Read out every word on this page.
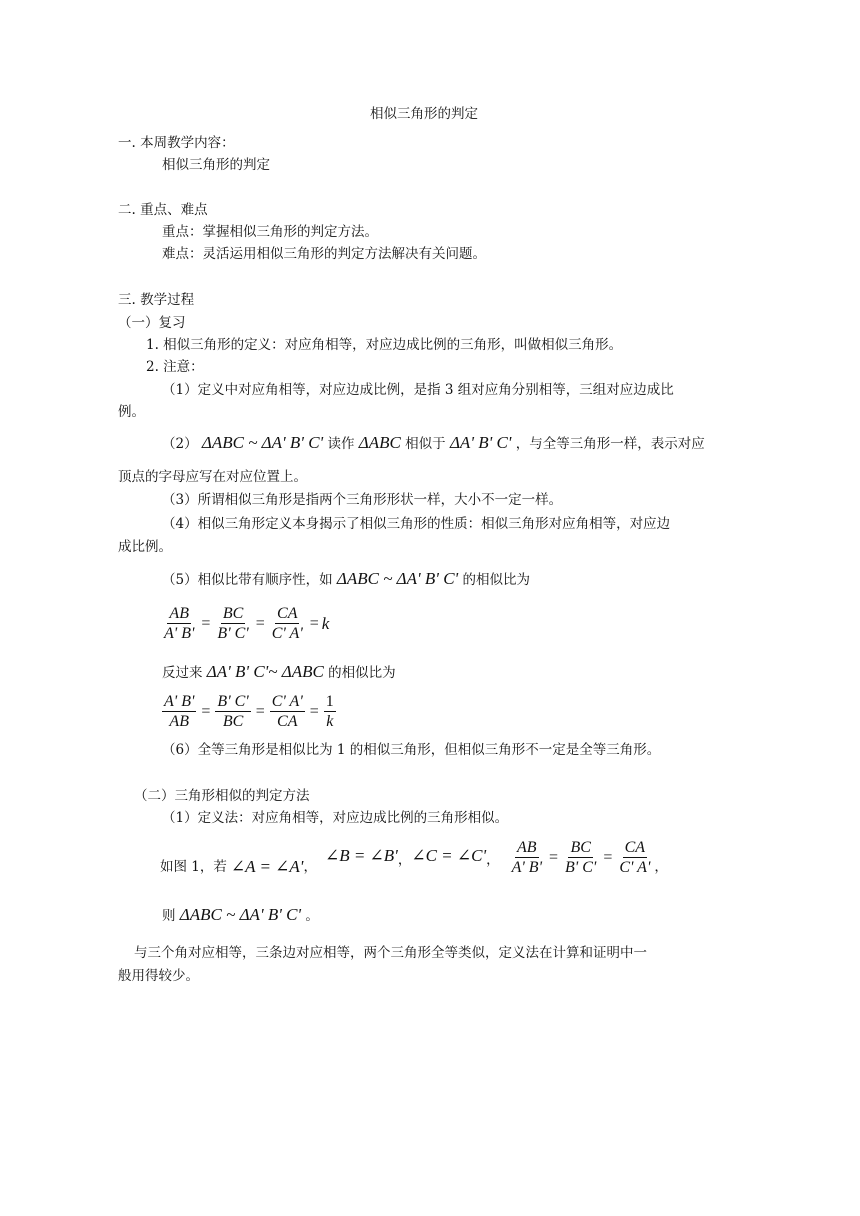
相似三角形的判定
一. 本周教学内容：
相似三角形的判定
二. 重点、难点
重点：掌握相似三角形的判定方法。
难点：灵活运用相似三角形的判定方法解决有关问题。
三. 教学过程
（一）复习
1. 相似三角形的定义：对应角相等，对应边成比例的三角形，叫做相似三角形。
2. 注意：
（1）定义中对应角相等，对应边成比例，是指 3 组对应角分别相等，三组对应边成比
例。
（2） ΔABC ~ ΔA' B' C' 读作 ΔABC 相似于 ΔA' B' C' ，与全等三角形一样，表示对应
顶点的字母应写在对应位置上。
（3）所谓相似三角形是指两个三角形形状一样，大小不一定一样。
（4）相似三角形定义本身揭示了相似三角形的性质：相似三角形对应角相等，对应边
成比例。
（5）相似比带有顺序性，如 ΔABC ~ ΔA' B' C' 的相似比为
$\frac{AB}{A' B'} = \frac{BC}{B' C'} = \frac{CA}{C' A'} = k$
反过来 ΔA' B' C'~ ΔABC 的相似比为
$\frac{A' B'}{AB} = \frac{B' C'}{BC} = \frac{C' A'}{CA} = \frac{1}{k}$
（6）全等三角形是相似比为 1 的相似三角形，但相似三角形不一定是全等三角形。
（二）三角形相似的判定方法
（1）定义法：对应角相等，对应边成比例的三角形相似。
如图 1，若 ∠A = ∠A' ，
∠B = ∠B' ， ∠C = ∠C' ， $\frac{AB}{A' B'} = \frac{BC}{B' C'} = \frac{CA}{C' A'}$ ，
则 ΔABC ~ ΔA' B' C' 。
与三个角对应相等，三条边对应相等，两个三角形全等类似，定义法在计算和证明中一
般用得较少。
